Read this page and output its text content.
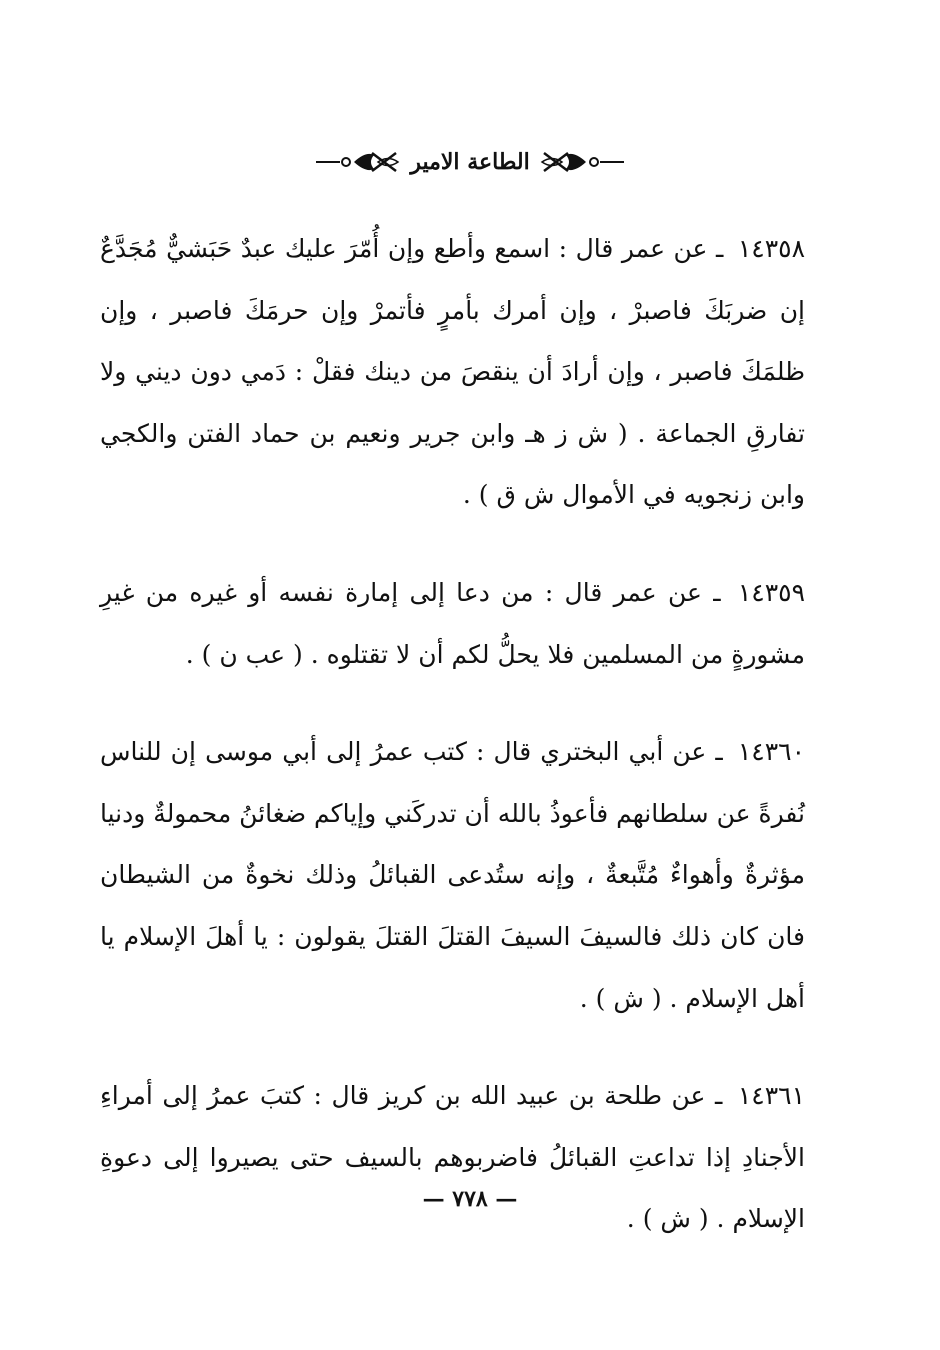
الطاعة الامير

١٤٣٥٨ ـ عن عمر قال : اسمع وأطع وإن أُمّرَ عليك عبدٌ حَبَشيٌّ مُجَدَّعٌ إن ضربَكَ فاصبرْ ، وإن أمرك بأمرٍ فأتمرْ وإن حرمَكَ فاصبر ، وإن ظلمَكَ فاصبر ، وإن أرادَ أن ينقصَ من دينك فقلْ : دَمي دون ديني ولا تفارقِ الجماعة . ( ش ز هـ وابن جرير ونعيم بن حماد الفتن والكجي وابن زنجويه في الأموال ش ق ) .

١٤٣٥٩ ـ عن عمر قال : من دعا إلى إمارة نفسه أو غيره من غيرِ مشورةٍ من المسلمين فلا يحلُّ لكم أن لا تقتلوه . ( عب ن ) .

١٤٣٦٠ ـ عن أبي البختري قال : كتب عمرُ إلى أبي موسى إن للناس نُفرةً عن سلطانهم فأعوذُ بالله أن تدركَني وإياكم ضغائنُ محمولةٌ ودنيا مؤثرةٌ وأهواءٌ مُتَّبعةٌ ، وإنه ستُدعى القبائلُ وذلك نخوةٌ من الشيطان فان كان ذلك فالسيفَ السيفَ القتلَ القتلَ يقولون : يا أهلَ الإسلام يا أهل الإسلام . ( ش ) .

١٤٣٦١ ـ عن طلحة بن عبيد الله بن كريز قال : كتبَ عمرُ إلى أمراءِ الأجنادِ إذا تداعتِ القبائلُ فاضربوهم بالسيف حتى يصيروا إلى دعوةِ الإسلام . ( ش ) .

— ٧٧٨ —
